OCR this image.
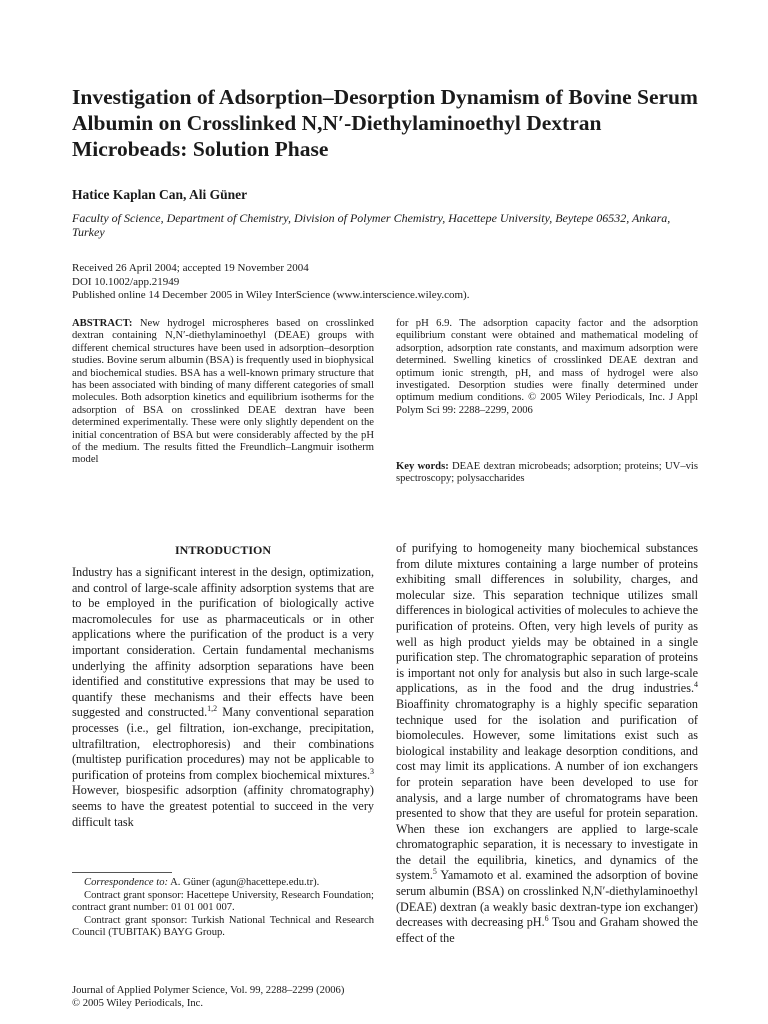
Investigation of Adsorption–Desorption Dynamism of Bovine Serum Albumin on Crosslinked N,N′-Diethylaminoethyl Dextran Microbeads: Solution Phase

Hatice Kaplan Can, Ali Güner

Faculty of Science, Department of Chemistry, Division of Polymer Chemistry, Hacettepe University, Beytepe 06532, Ankara, Turkey

Received 26 April 2004; accepted 19 November 2004
DOI 10.1002/app.21949
Published online 14 December 2005 in Wiley InterScience (www.interscience.wiley.com).
ABSTRACT: New hydrogel microspheres based on crosslinked dextran containing N,N′-diethylaminoethyl (DEAE) groups with different chemical structures have been used in adsorption–desorption studies. Bovine serum albumin (BSA) is frequently used in biophysical and biochemical studies. BSA has a well-known primary structure that has been associated with binding of many different categories of small molecules. Both adsorption kinetics and equilibrium isotherms for the adsorption of BSA on crosslinked DEAE dextran have been determined experimentally. These were only slightly dependent on the initial concentration of BSA but were considerably affected by the pH of the medium. The results fitted the Freundlich–Langmuir isotherm model
for pH 6.9. The adsorption capacity factor and the adsorption equilibrium constant were obtained and mathematical modeling of adsorption, adsorption rate constants, and maximum adsorption were determined. Swelling kinetics of crosslinked DEAE dextran and optimum ionic strength, pH, and mass of hydrogel were also investigated. Desorption studies were finally determined under optimum medium conditions. © 2005 Wiley Periodicals, Inc. J Appl Polym Sci 99: 2288–2299, 2006
Key words: DEAE dextran microbeads; adsorption; proteins; UV–vis spectroscopy; polysaccharides
INTRODUCTION

Industry has a significant interest in the design, optimization, and control of large-scale affinity adsorption systems that are to be employed in the purification of biologically active macromolecules for use as pharmaceuticals or in other applications where the purification of the product is a very important consideration. Certain fundamental mechanisms underlying the affinity adsorption separations have been identified and constitutive expressions that may be used to quantify these mechanisms and their effects have been suggested and constructed.$^{1,2}$ Many conventional separation processes (i.e., gel filtration, ion-exchange, precipitation, ultrafiltration, electrophoresis) and their combinations (multistep purification procedures) may not be applicable to purification of proteins from complex biochemical mixtures.$^3$ However, biospesific adsorption (affinity chromatography) seems to have the greatest potential to succeed in the very difficult task

Correspondence to: A. Güner (agun@hacettepe.edu.tr).

Contract grant sponsor: Hacettepe University, Research Foundation; contract grant number: 01 01 001 007.

Contract grant sponsor: Turkish National Technical and Research Council (TUBITAK) BAYG Group.

Journal of Applied Polymer Science, Vol. 99, 2288–2299 (2006)
© 2005 Wiley Periodicals, Inc.

of purifying to homogeneity many biochemical substances from dilute mixtures containing a large number of proteins exhibiting small differences in solubility, charges, and molecular size. This separation technique utilizes small differences in biological activities of molecules to achieve the purification of proteins. Often, very high levels of purity as well as high product yields may be obtained in a single purification step. The chromatographic separation of proteins is important not only for analysis but also in such large-scale applications, as in the food and the drug industries.$^4$ Bioaffinity chromatography is a highly specific separation technique used for the isolation and purification of biomolecules. However, some limitations exist such as biological instability and leakage desorption conditions, and cost may limit its applications. A number of ion exchangers for protein separation have been developed to use for analysis, and a large number of chromatograms have been presented to show that they are useful for protein separation. When these ion exchangers are applied to large-scale chromatographic separation, it is necessary to investigate in the detail the equilibria, kinetics, and dynamics of the system.$^5$ Yamamoto et al. examined the adsorption of bovine serum albumin (BSA) on crosslinked N,N′-diethylaminoethyl (DEAE) dextran (a weakly basic dextran-type ion exchanger) decreases with decreasing pH.$^6$ Tsou and Graham showed the effect of the
